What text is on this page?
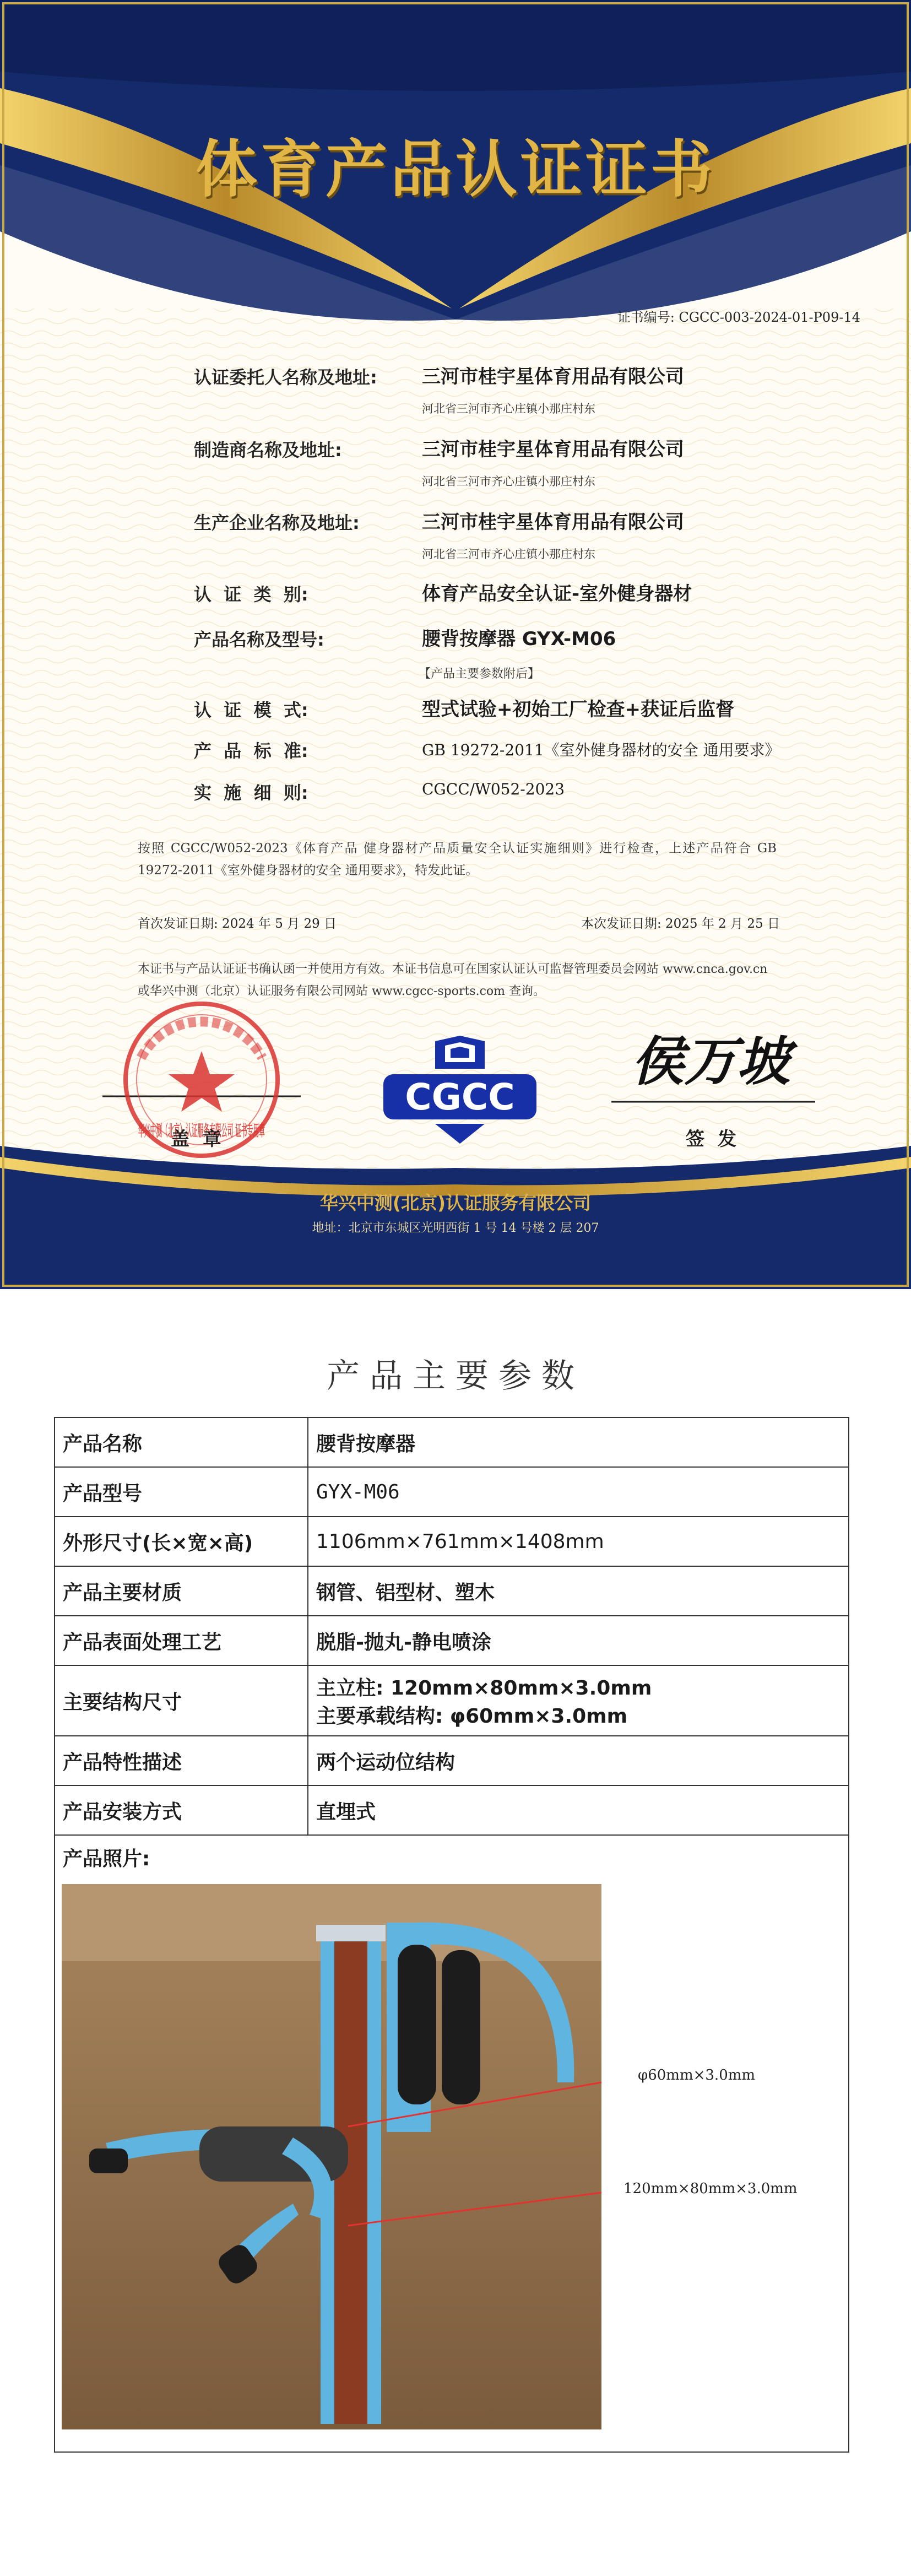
体育产品认证证书
证书编号: CGCC-003-2024-01-P09-14
认证委托人名称及地址: 三河市桂宇星体育用品有限公司
河北省三河市齐心庄镇小那庄村东
制造商名称及地址:	三河市桂宇星体育用品有限公司
河北省三河市齐心庄镇小那庄村东
生产企业名称及地址:	三河市桂宇星体育用品有限公司
河北省三河市齐心庄镇小那庄村东
认  证  类  别:	体育产品安全认证-室外健身器材
产品名称及型号:	腰背按摩器 GYX-M06
【产品主要参数附后】
认  证  模  式:	型式试验+初始工厂检查+获证后监督
产  品  标  准:	GB 19272-2011《室外健身器材的安全 通用要求》
实  施  细  则:	CGCC/W052-2023
按照 CGCC/W052-2023《体育产品 健身器材产品质量安全认证实施细则》进行检查，上述产品符合 GB 19272-2011《室外健身器材的安全 通用要求》，特发此证。
首次发证日期: 2024 年 5 月 29 日	本次发证日期: 2025 年 2 月 25 日
本证书与产品认证证书确认函一并使用方有效。本证书信息可在国家认证认可监督管理委员会网站 www.cnca.gov.cn 或华兴中测（北京）认证服务有限公司网站 www.cgcc-sports.com 查询。
华兴中测（北京）认证服务有限公司 证书专用章
CGCC
侯万坡
盖章	签发
华兴中测(北京)认证服务有限公司
地址：北京市东城区光明西街 1 号 14 号楼 2 层 207
产品主要参数
产品名称	腰背按摩器
产品型号	GYX-M06
外形尺寸(长×宽×高)	1106mm×761mm×1408mm
产品主要材质	钢管、铝型材、塑木
产品表面处理工艺	脱脂-抛丸-静电喷涂
主要结构尺寸	主立柱: 120mm×80mm×3.0mm
主要承载结构: φ60mm×3.0mm

产品特性描述	两个运动位结构
产品安装方式	直埋式

产品照片:
φ60mm×3.0mm
120mm×80mm×3.0mm	
